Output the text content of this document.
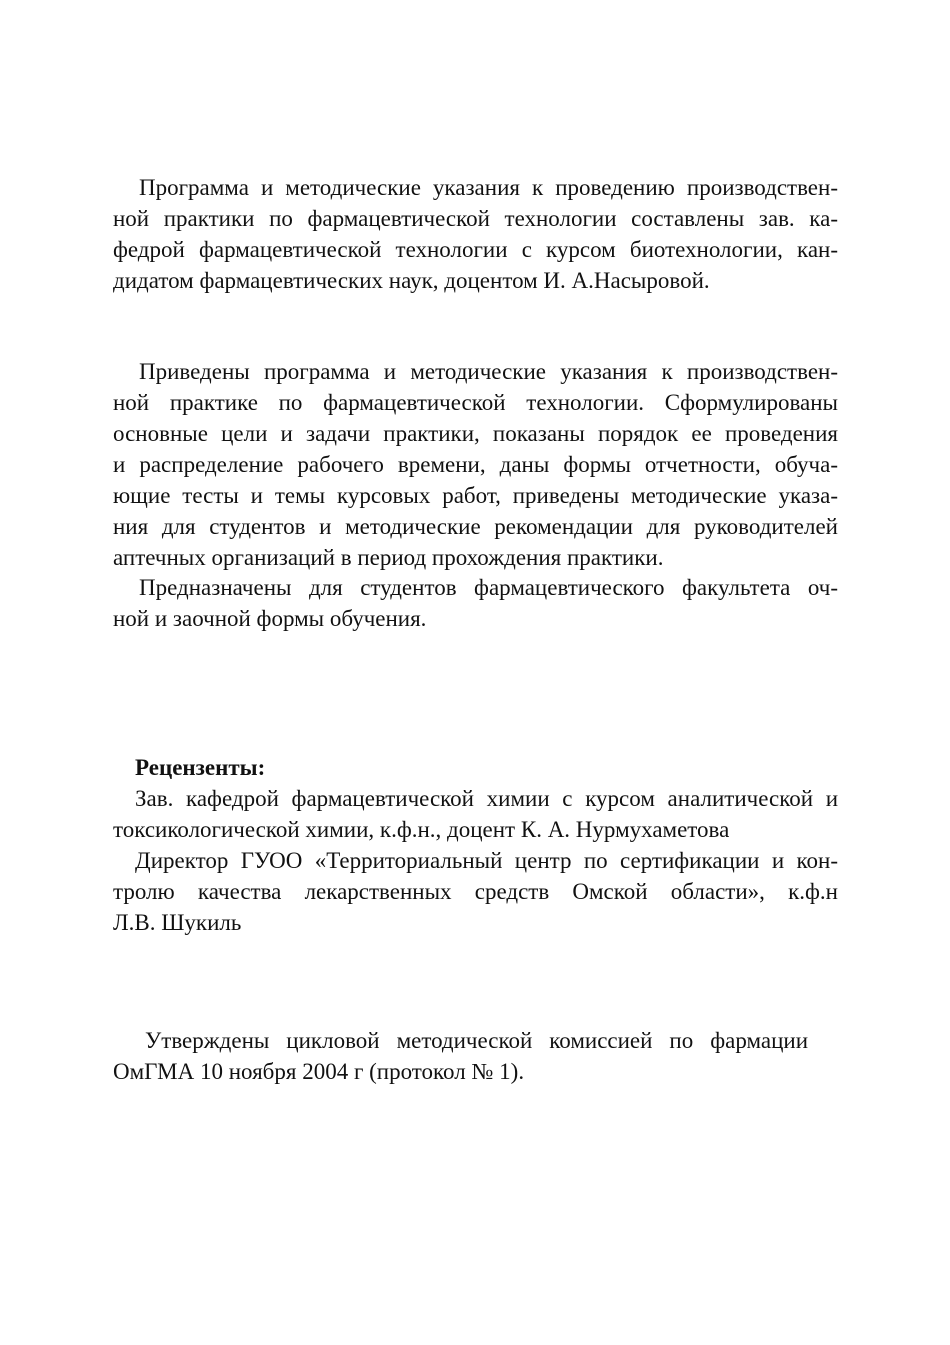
Программа и методические указания к проведению производствен-
ной практики по фармацевтической технологии составлены зав. ка-
федрой фармацевтической технологии с курсом биотехнологии, кан-
дидатом фармацевтических наук, доцентом И. А.Насыровой.
Приведены программа и методические указания к производствен-
ной практике по фармацевтической технологии. Сформулированы
основные цели и задачи практики, показаны порядок ее проведения
и распределение рабочего времени, даны формы отчетности, обуча-
ющие тесты и темы курсовых работ, приведены методические указа-
ния для студентов и методические рекомендации для руководителей
аптечных организаций в период прохождения практики.
Предназначены для студентов фармацевтического факультета оч-
ной и заочной формы обучения.
Рецензенты:
Зав. кафедрой фармацевтической химии с курсом аналитической и
токсикологической химии, к.ф.н., доцент К. А. Нурмухаметова
Директор ГУОО «Территориальный центр по сертификации и кон-
тролю качества лекарственных средств Омской области», к.ф.н
Л.В. Шукиль
Утверждены цикловой методической комиссией по фармации
ОмГМА 10 ноября 2004 г (протокол № 1).
